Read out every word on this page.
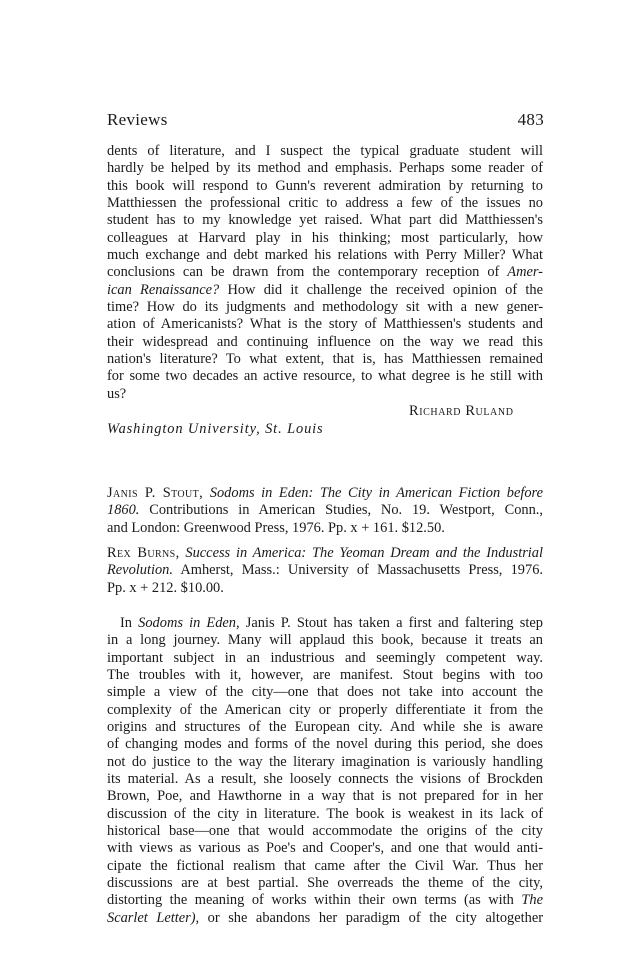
Reviews	483
dents of literature, and I suspect the typical graduate student will
hardly be helped by its method and emphasis. Perhaps some reader of
this book will respond to Gunn's reverent admiration by returning to
Matthiessen the professional critic to address a few of the issues no
student has to my knowledge yet raised. What part did Matthiessen's
colleagues at Harvard play in his thinking; most particularly, how
much exchange and debt marked his relations with Perry Miller? What
conclusions can be drawn from the contemporary reception of Amer-
ican Renaissance? How did it challenge the received opinion of the
time? How do its judgments and methodology sit with a new gener-
ation of Americanists? What is the story of Matthiessen's students and
their widespread and continuing influence on the way we read this
nation's literature? To what extent, that is, has Matthiessen remained
for some two decades an active resource, to what degree is he still with
us?
Richard Ruland
Washington University, St. Louis
Janis P. Stout, Sodoms in Eden: The City in American Fiction before
1860. Contributions in American Studies, No. 19. Westport, Conn.,
and London: Greenwood Press, 1976. Pp. x + 161. $12.50.
Rex Burns, Success in America: The Yeoman Dream and the Industrial
Revolution. Amherst, Mass.: University of Massachusetts Press, 1976.
Pp. x + 212. $10.00.
In Sodoms in Eden, Janis P. Stout has taken a first and faltering step
in a long journey. Many will applaud this book, because it treats an
important subject in an industrious and seemingly competent way.
The troubles with it, however, are manifest. Stout begins with too
simple a view of the city—one that does not take into account the
complexity of the American city or properly differentiate it from the
origins and structures of the European city. And while she is aware
of changing modes and forms of the novel during this period, she does
not do justice to the way the literary imagination is variously handling
its material. As a result, she loosely connects the visions of Brockden
Brown, Poe, and Hawthorne in a way that is not prepared for in her
discussion of the city in literature. The book is weakest in its lack of
historical base—one that would accommodate the origins of the city
with views as various as Poe's and Cooper's, and one that would anti-
cipate the fictional realism that came after the Civil War. Thus her
discussions are at best partial. She overreads the theme of the city,
distorting the meaning of works within their own terms (as with The
Scarlet Letter), or she abandons her paradigm of the city altogether
